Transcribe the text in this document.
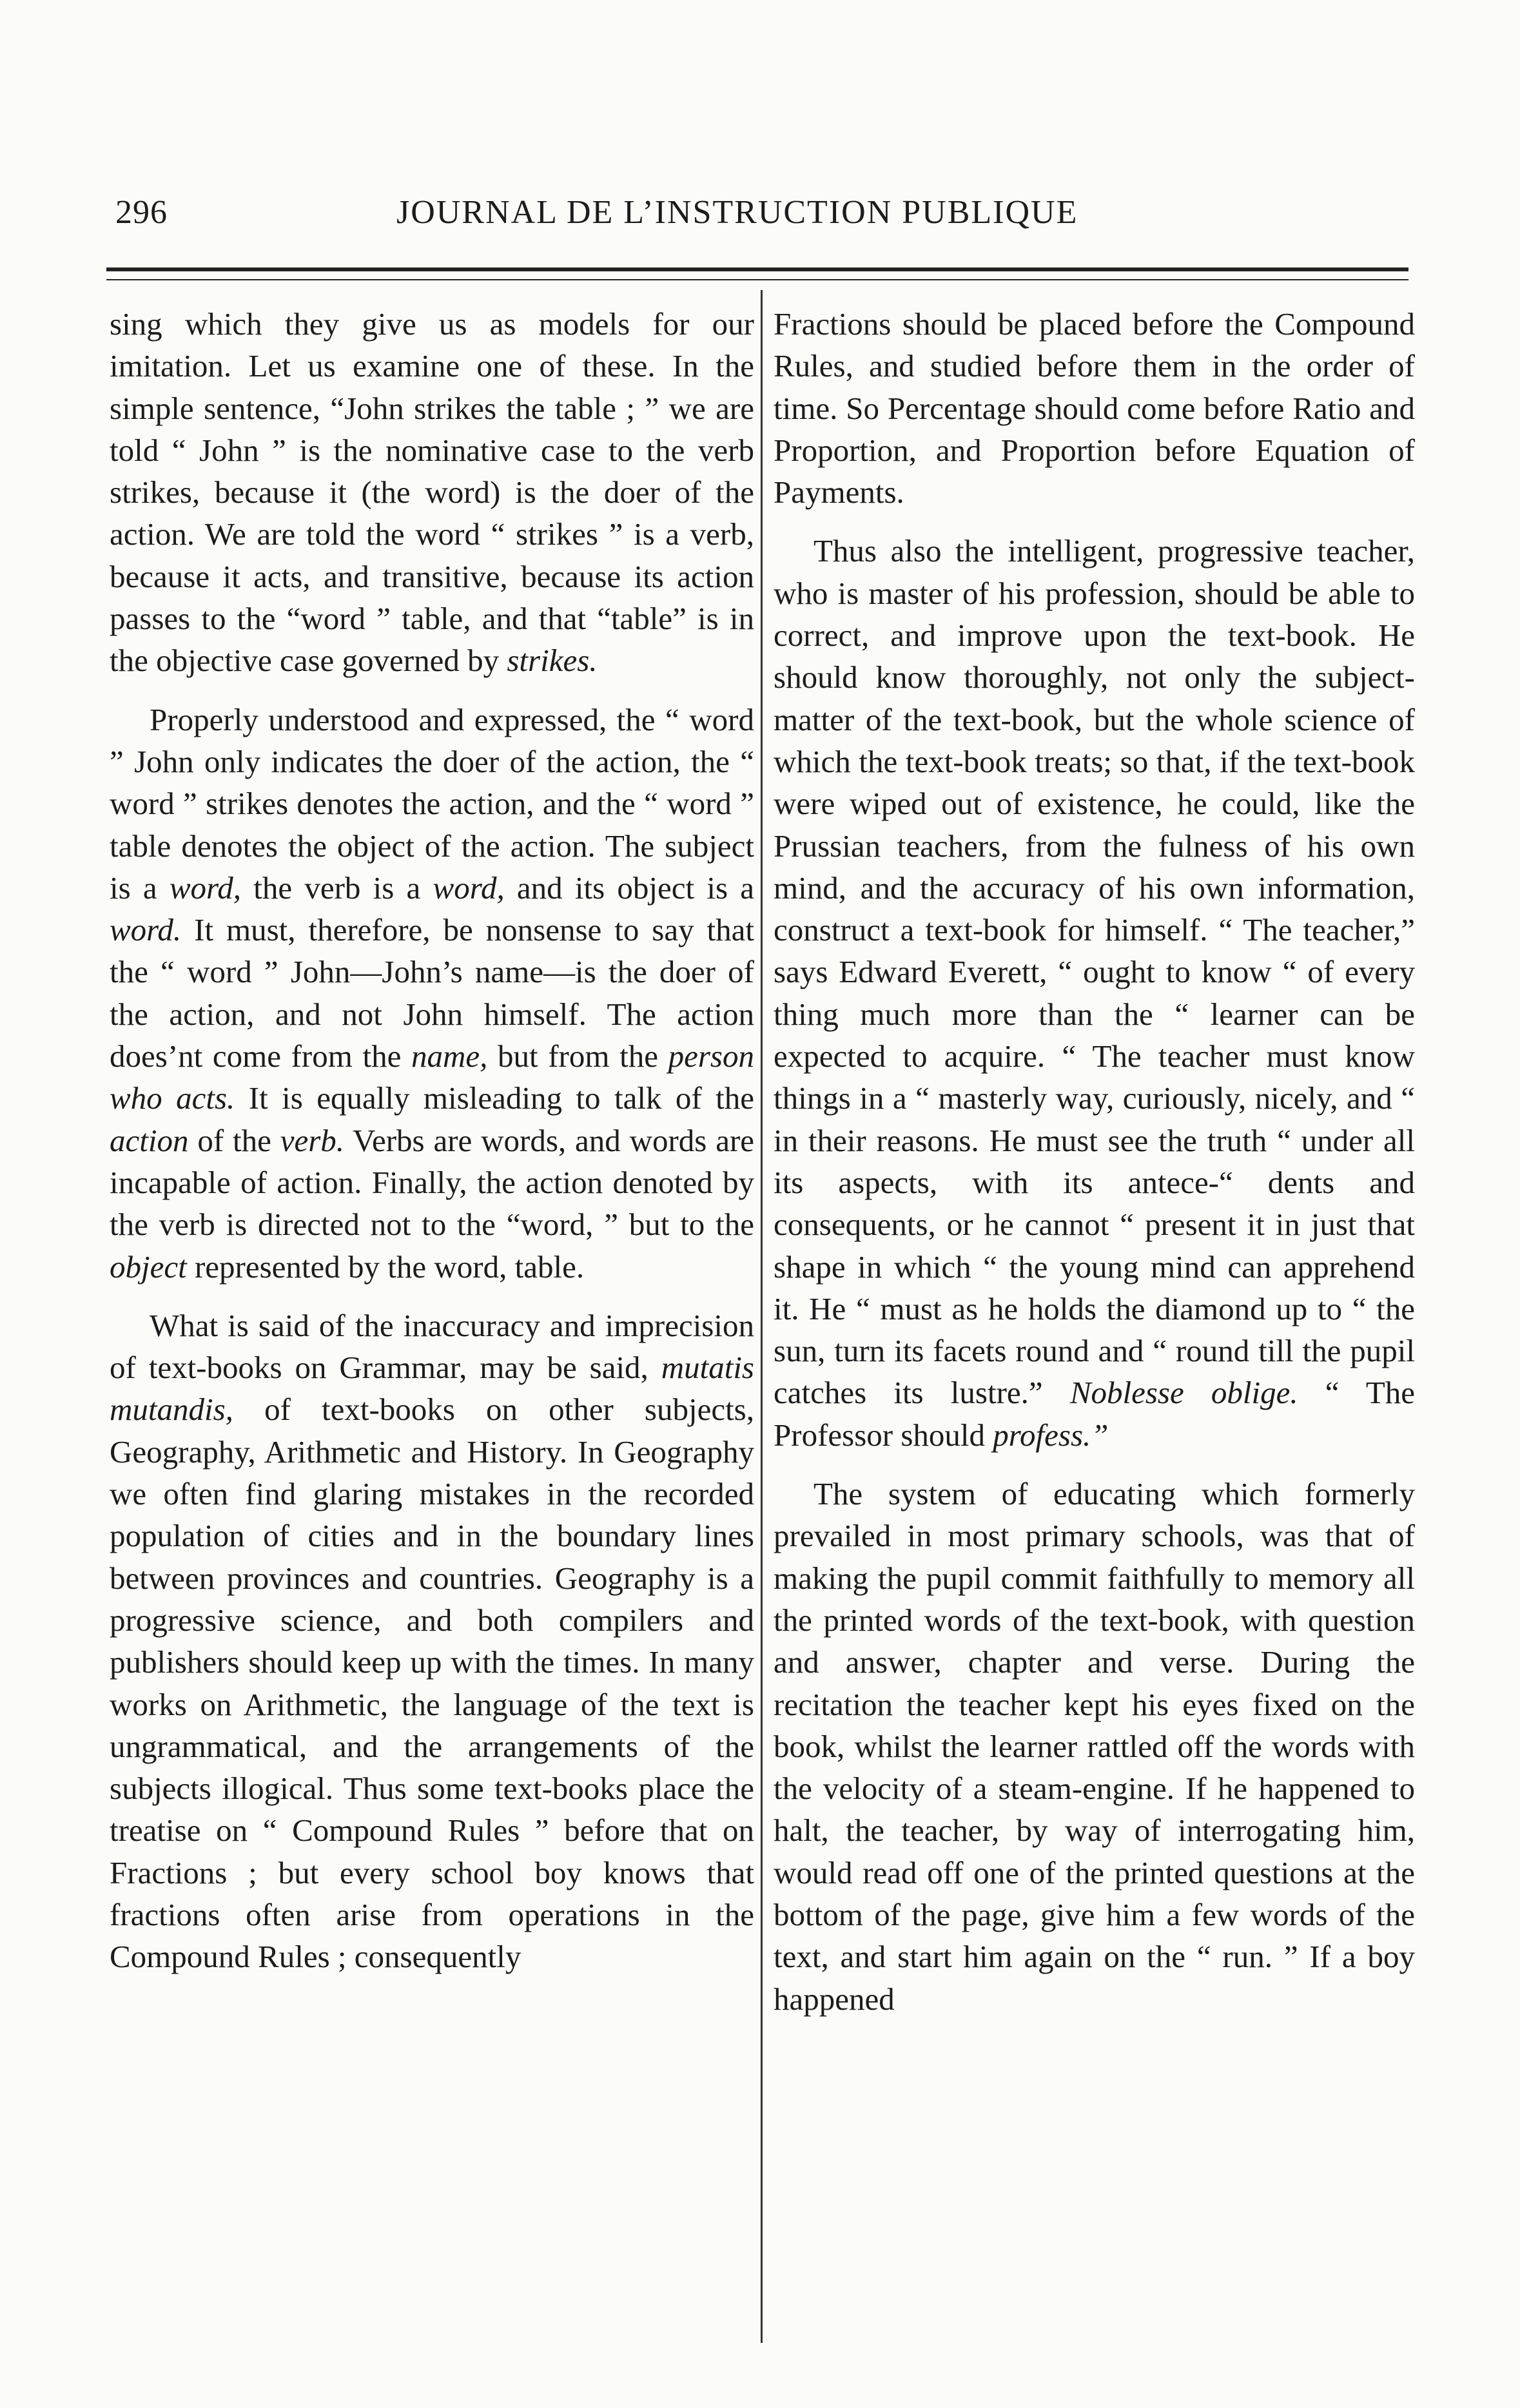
296	JOURNAL DE L’INSTRUCTION PUBLIQUE

sing which they give us as models for our imitation. Let us examine one of these. In the simple sentence, “John strikes the table ; ” we are told “ John ” is the nominative case to the verb strikes, because it (the word) is the doer of the action. We are told the word “ strikes ” is a verb, because it acts, and transitive, because its action passes to the “word ” table, and that “table” is in the objective case governed by strikes.

Properly understood and expressed, the “ word ” John only indicates the doer of the action, the “ word ” strikes denotes the action, and the “ word ” table denotes the object of the action. The subject is a word, the verb is a word, and its object is a word. It must, therefore, be nonsense to say that the “ word ” John—John’s name—is the doer of the action, and not John himself. The action does’nt come from the name, but from the person who acts. It is equally misleading to talk of the action of the verb. Verbs are words, and words are incapable of action. Finally, the action denoted by the verb is directed not to the “word, ” but to the object represented by the word, table.

What is said of the inaccuracy and imprecision of text-books on Grammar, may be said, mutatis mutandis, of text-books on other subjects, Geography, Arithmetic and History. In Geography we often find glaring mistakes in the recorded population of cities and in the boundary lines between provinces and countries. Geography is a progressive science, and both compilers and publishers should keep up with the times. In many works on Arithmetic, the language of the text is ungrammatical, and the arrangements of the subjects illogical. Thus some text-books place the treatise on “ Compound Rules ” before that on Fractions ; but every school boy knows that fractions often arise from operations in the Compound Rules ; consequently

Fractions should be placed before the Compound Rules, and studied before them in the order of time. So Percentage should come before Ratio and Proportion, and Proportion before Equation of Payments.

Thus also the intelligent, progressive teacher, who is master of his profession, should be able to correct, and improve upon the text-book. He should know thoroughly, not only the subject-matter of the text-book, but the whole science of which the text-book treats; so that, if the text-book were wiped out of existence, he could, like the Prussian teachers, from the fulness of his own mind, and the accuracy of his own information, construct a text-book for himself. “ The teacher,” says Edward Everett, “ ought to know “ of every thing much more than the “ learner can be expected to acquire. “ The teacher must know things in a “ masterly way, curiously, nicely, and “ in their reasons. He must see the truth “ under all its aspects, with its antece-“ dents and consequents, or he cannot “ present it in just that shape in which “ the young mind can apprehend it. He “ must as he holds the diamond up to “ the sun, turn its facets round and “ round till the pupil catches its lustre.” Noblesse oblige. “ The Professor should profess.”

The system of educating which formerly prevailed in most primary schools, was that of making the pupil commit faithfully to memory all the printed words of the text-book, with question and answer, chapter and verse. During the recitation the teacher kept his eyes fixed on the book, whilst the learner rattled off the words with the velocity of a steam-engine. If he happened to halt, the teacher, by way of interrogating him, would read off one of the printed questions at the bottom of the page, give him a few words of the text, and start him again on the “ run. ” If a boy happened
